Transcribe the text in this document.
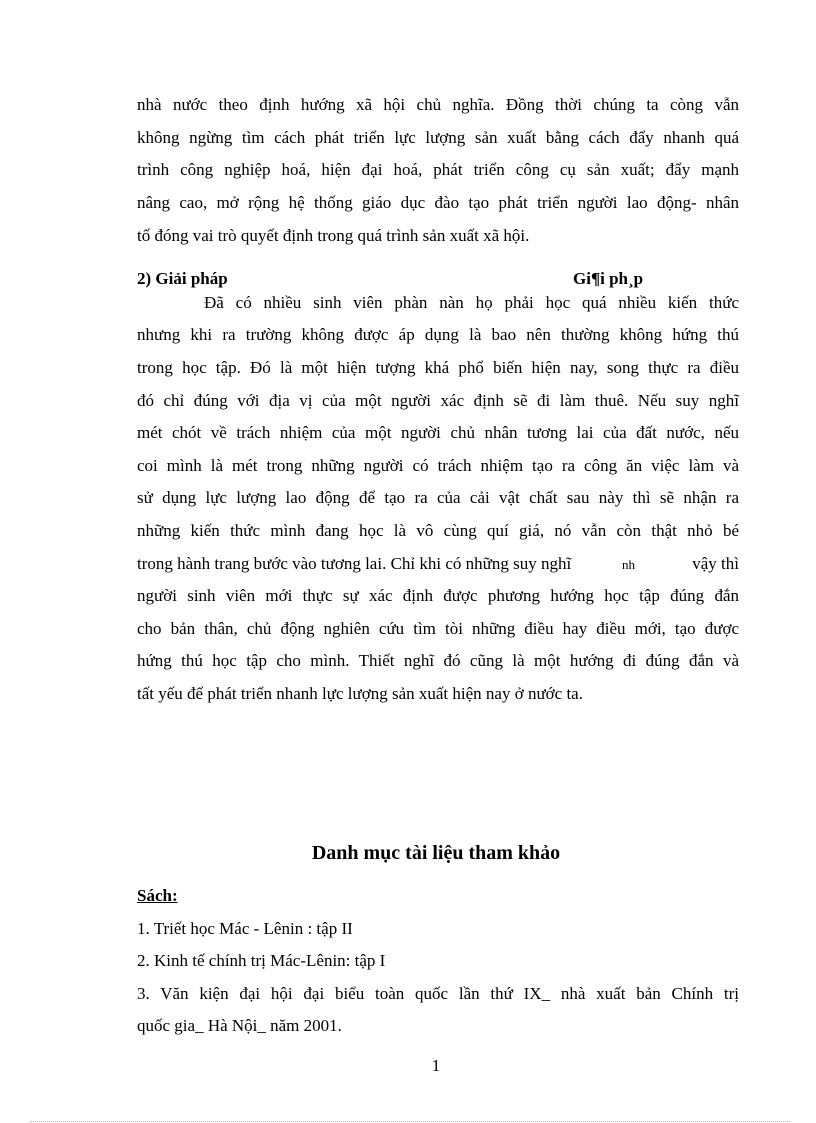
nhà nước theo định hướng xã hội chủ nghĩa. Đồng thời chúng ta còng vẫn

không ngừng tìm cách phát triển lực lượng sản xuất bằng cách đẩy nhanh quá

trình công nghiệp hoá, hiện đại hoá, phát triển công cụ sản xuất; đẩy mạnh

nâng cao, mở rộng hệ thống giáo dục đào tạo phát triển người lao động- nhân

tố đóng vai trò quyết định trong quá trình sản xuất xã hội.

2) Giải pháp	Gi¶i ph¸p

Đã có nhiều sinh viên phàn nàn họ phải học quá nhiều kiến thức

nhưng khi ra trường không được áp dụng là bao nên thường không hứng thú

trong học tập. Đó là một hiện tượng khá phổ biến hiện nay, song thực ra điều

đó chỉ đúng với địa vị của một người xác định sẽ đi làm thuê. Nếu suy nghĩ

mét chót về trách nhiệm của một người chủ nhân tương lai của đất nước, nếu

coi mình là mét trong những người có trách nhiệm tạo ra công ăn việc làm và

sử dụng lực lượng lao động để tạo ra của cải vật chất sau này thì sẽ nhận ra

những kiến thức mình đang học là vô cùng quí giá, nó vẫn còn thật nhỏ bé

trong hành trang bước vào tương lai. Chỉ khi có những suy nghĩ	nh	vậy thì

người sinh viên mới thực sự xác định được phương hướng học tập đúng đắn

cho bản thân, chủ động nghiên cứu tìm tòi những điều hay điều mới, tạo được

hứng thú học tập cho mình. Thiết nghĩ đó cũng là một hướng đi đúng đắn và

tất yếu để phát triển nhanh lực lượng sản xuất hiện nay ở nước ta.

Danh mục tài liệu tham khảo

Sách:

1. Triết học Mác - Lênin : tập II

2. Kinh tế chính trị Mác-Lênin: tập I

3. Văn kiện đại hội đại biểu toàn quốc lần thứ IX_ nhà xuất bản Chính trị

quốc gia_ Hà Nội_ năm 2001.

1
